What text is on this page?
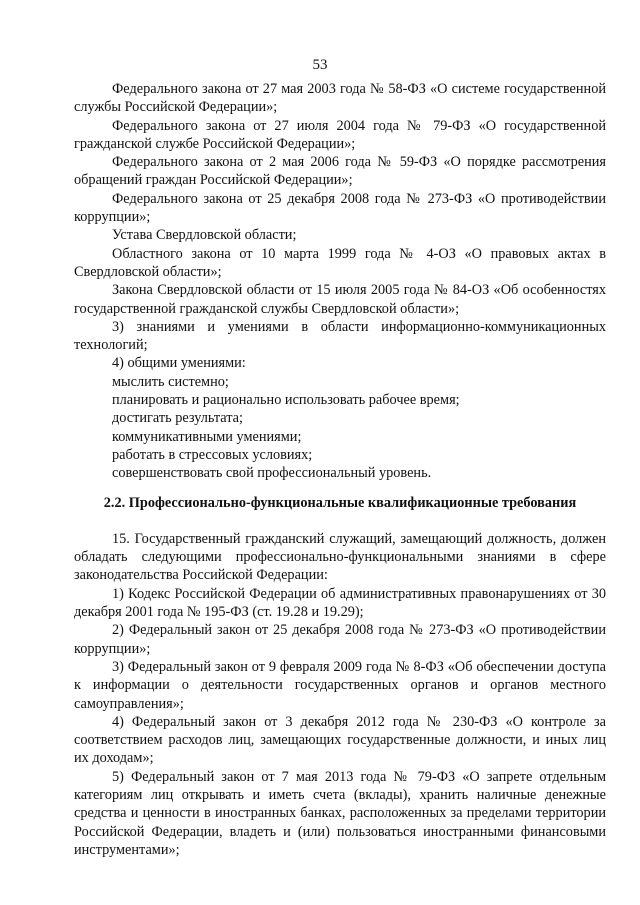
53

Федерального закона от 27 мая 2003 года № 58-ФЗ «О системе государственной службы Российской Федерации»;

Федерального закона от 27 июля 2004 года № 79-ФЗ «О государственной гражданской службе Российской Федерации»;

Федерального закона от 2 мая 2006 года № 59-ФЗ «О порядке рассмотрения обращений граждан Российской Федерации»;

Федерального закона от 25 декабря 2008 года № 273-ФЗ «О противодействии коррупции»;

Устава Свердловской области;

Областного закона от 10 марта 1999 года № 4-ОЗ «О правовых актах в Свердловской области»;

Закона Свердловской области от 15 июля 2005 года № 84-ОЗ «Об особенностях государственной гражданской службы Свердловской области»;

3) знаниями и умениями в области информационно-коммуникационных технологий;

4) общими умениями:

мыслить системно;

планировать и рационально использовать рабочее время;

достигать результата;

коммуникативными умениями;

работать в стрессовых условиях;

совершенствовать свой профессиональный уровень.

2.2. Профессионально-функциональные квалификационные требования

15. Государственный гражданский служащий, замещающий должность, должен обладать следующими профессионально-функциональными знаниями в сфере законодательства Российской Федерации:

1) Кодекс Российской Федерации об административных правонарушениях от 30 декабря 2001 года № 195-ФЗ (ст. 19.28 и 19.29);

2) Федеральный закон от 25 декабря 2008 года № 273-ФЗ «О противодействии коррупции»;

3) Федеральный закон от 9 февраля 2009 года № 8-ФЗ «Об обеспечении доступа к информации о деятельности государственных органов и органов местного самоуправления»;

4) Федеральный закон от 3 декабря 2012 года № 230-ФЗ «О контроле за соответствием расходов лиц, замещающих государственные должности, и иных лиц их доходам»;

5) Федеральный закон от 7 мая 2013 года № 79-ФЗ «О запрете отдельным категориям лиц открывать и иметь счета (вклады), хранить наличные денежные средства и ценности в иностранных банках, расположенных за пределами территории Российской Федерации, владеть и (или) пользоваться иностранными финансовыми инструментами»;
